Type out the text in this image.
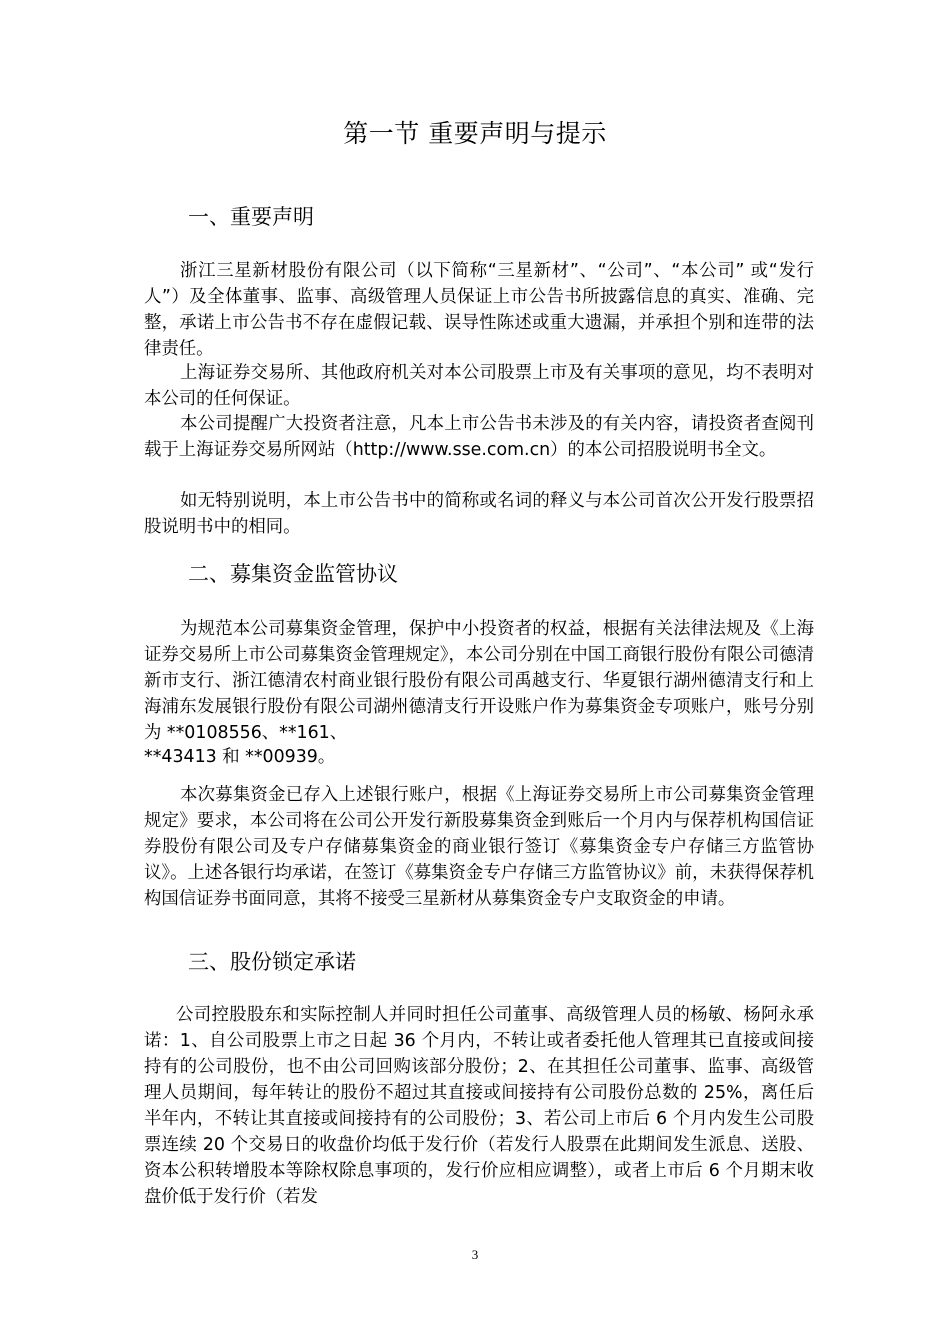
第一节 重要声明与提示
一、重要声明

浙江三星新材股份有限公司（以下简称“三星新材”、“公司”、“本公司” 或“发行人”）及全体董事、监事、高级管理人员保证上市公告书所披露信息的真实、准确、完整，承诺上市公告书不存在虚假记载、误导性陈述或重大遗漏，并承担个别和连带的法律责任。

上海证券交易所、其他政府机关对本公司股票上市及有关事项的意见，均不表明对本公司的任何保证。

本公司提醒广大投资者注意，凡本上市公告书未涉及的有关内容，请投资者查阅刊载于上海证券交易所网站（http://www.sse.com.cn）的本公司招股说明书全文。

如无特别说明，本上市公告书中的简称或名词的释义与本公司首次公开发行股票招股说明书中的相同。

二、募集资金监管协议

为规范本公司募集资金管理，保护中小投资者的权益，根据有关法律法规及《上海证券交易所上市公司募集资金管理规定》，本公司分别在中国工商银行股份有限公司德清新市支行、浙江德清农村商业银行股份有限公司禹越支行、华夏银行湖州德清支行和上海浦东发展银行股份有限公司湖州德清支行开设账户作为募集资金专项账户，账号分别为 **0108556、**161、

**43413 和 **00939。

本次募集资金已存入上述银行账户，根据《上海证券交易所上市公司募集资金管理规定》要求，本公司将在公司公开发行新股募集资金到账后一个月内与保荐机构国信证券股份有限公司及专户存储募集资金的商业银行签订《募集资金专户存储三方监管协议》。上述各银行均承诺，在签订《募集资金专户存储三方监管协议》前，未获得保荐机构国信证券书面同意，其将不接受三星新材从募集资金专户支取资金的申请。

三、股份锁定承诺

公司控股股东和实际控制人并同时担任公司董事、高级管理人员的杨敏、杨阿永承诺：1、自公司股票上市之日起 36 个月内，不转让或者委托他人管理其已直接或间接持有的公司股份，也不由公司回购该部分股份；2、在其担任公司董事、监事、高级管理人员期间，每年转让的股份不超过其直接或间接持有公司股份总数的 25%，离任后半年内，不转让其直接或间接持有的公司股份；3、若公司上市后 6 个月内发生公司股票连续 20 个交易日的收盘价均低于发行价（若发行人股票在此期间发生派息、送股、资本公积转增股本等除权除息事项的，发行价应相应调整），或者上市后 6 个月期末收盘价低于发行价（若发

3
